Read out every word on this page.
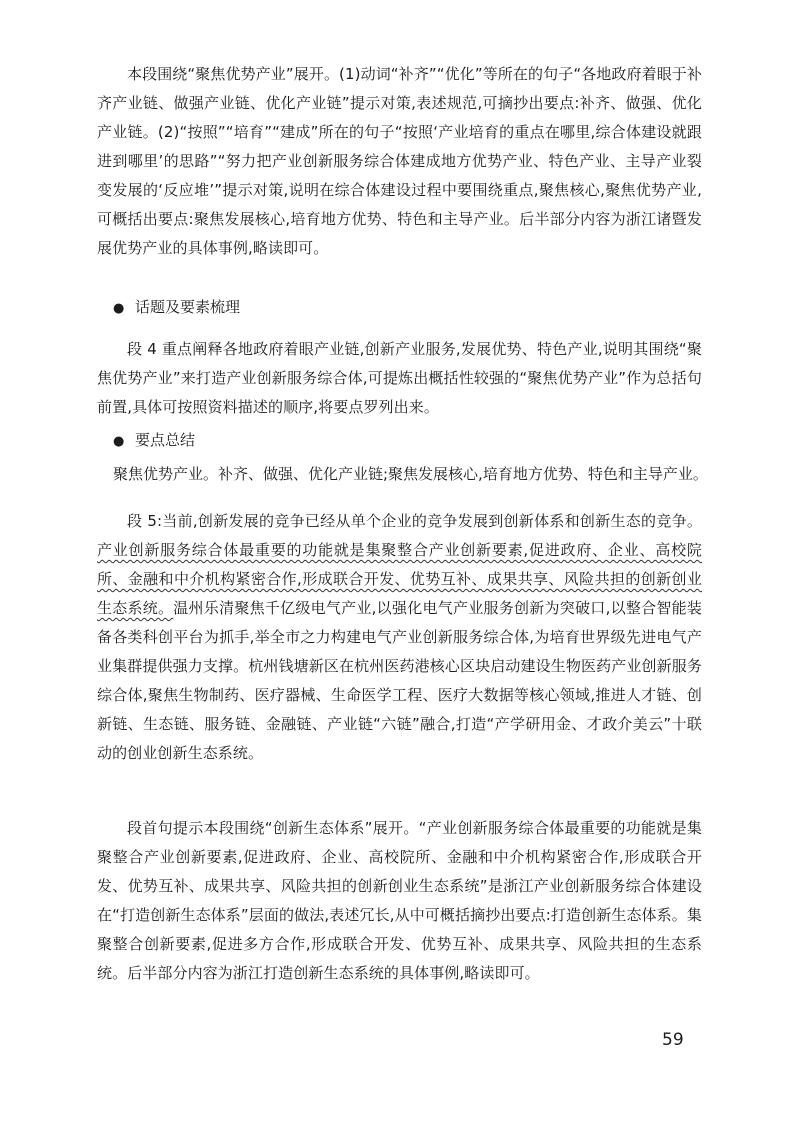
本段围绕“聚焦优势产业”展开。(1)动词“补齐”“优化”等所在的句子“各地政府着眼于补齐产业链、做强产业链、优化产业链”提示对策,表述规范,可摘抄出要点:补齐、做强、优化产业链。(2)“按照”“培育”“建成”所在的句子“按照‘产业培育的重点在哪里,综合体建设就跟进到哪里’的思路”“努力把产业创新服务综合体建成地方优势产业、特色产业、主导产业裂变发展的‘反应堆’”提示对策,说明在综合体建设过程中要围绕重点,聚焦核心,聚焦优势产业,可概括出要点:聚焦发展核心,培育地方优势、特色和主导产业。后半部分内容为浙江诸暨发展优势产业的具体事例,略读即可。

● 话题及要素梳理

段 4 重点阐释各地政府着眼产业链,创新产业服务,发展优势、特色产业,说明其围绕“聚焦优势产业”来打造产业创新服务综合体,可提炼出概括性较强的“聚焦优势产业”作为总括句前置,具体可按照资料描述的顺序,将要点罗列出来。

● 要点总结

聚焦优势产业。补齐、做强、优化产业链;聚焦发展核心,培育地方优势、特色和主导产业。

段 5:当前,创新发展的竞争已经从单个企业的竞争发展到创新体系和创新生态的竞争。产业创新服务综合体最重要的功能就是集聚整合产业创新要素,促进政府、企业、高校院所、金融和中介机构紧密合作,形成联合开发、优势互补、成果共享、风险共担的创新创业生态系统。温州乐清聚焦千亿级电气产业,以强化电气产业服务创新为突破口,以整合智能装备各类科创平台为抓手,举全市之力构建电气产业创新服务综合体,为培育世界级先进电气产业集群提供强力支撑。杭州钱塘新区在杭州医药港核心区块启动建设生物医药产业创新服务综合体,聚焦生物制药、医疗器械、生命医学工程、医疗大数据等核心领域,推进人才链、创新链、生态链、服务链、金融链、产业链“六链”融合,打造“产学研用金、才政介美云”十联动的创业创新生态系统。

段首句提示本段围绕“创新生态体系”展开。“产业创新服务综合体最重要的功能就是集聚整合产业创新要素,促进政府、企业、高校院所、金融和中介机构紧密合作,形成联合开发、优势互补、成果共享、风险共担的创新创业生态系统”是浙江产业创新服务综合体建设在“打造创新生态体系”层面的做法,表述冗长,从中可概括摘抄出要点:打造创新生态体系。集聚整合创新要素,促进多方合作,形成联合开发、优势互补、成果共享、风险共担的生态系统。后半部分内容为浙江打造创新生态系统的具体事例,略读即可。

59
